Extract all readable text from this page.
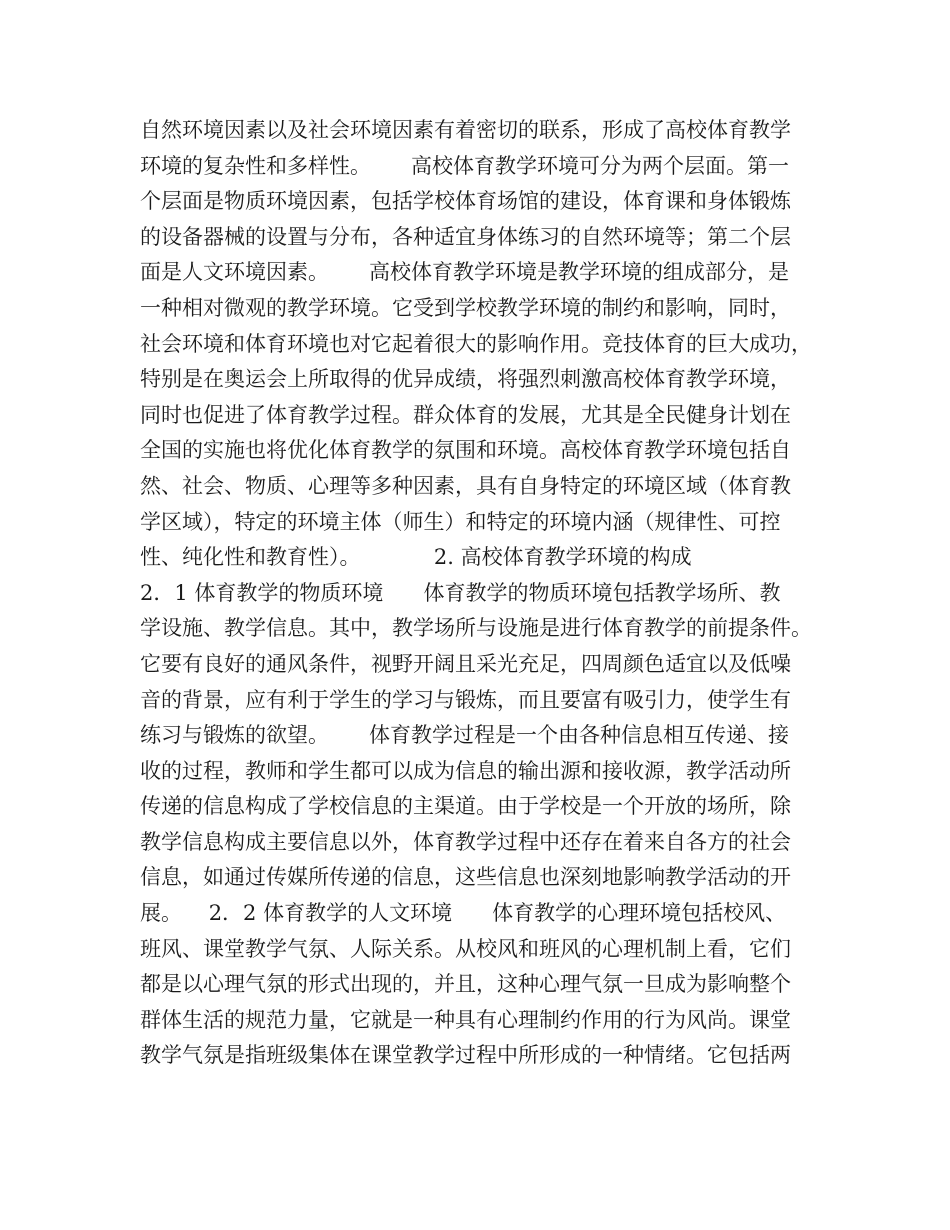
自然环境因素以及社会环境因素有着密切的联系，形成了高校体育教学
环境的复杂性和多样性。      高校体育教学环境可分为两个层面。第一
个层面是物质环境因素，包括学校体育场馆的建设，体育课和身体锻炼
的设备器械的设置与分布，各种适宜身体练习的自然环境等；第二个层
面是人文环境因素。      高校体育教学环境是教学环境的组成部分，是
一种相对微观的教学环境。它受到学校教学环境的制约和影响，同时，
社会环境和体育环境也对它起着很大的影响作用。竞技体育的巨大成功，
特别是在奥运会上所取得的优异成绩，将强烈刺激高校体育教学环境，
同时也促进了体育教学过程。群众体育的发展，尤其是全民健身计划在
全国的实施也将优化体育教学的氛围和环境。高校体育教学环境包括自
然、社会、物质、心理等多种因素，具有自身特定的环境区域（体育教
学区域），特定的环境主体（师生）和特定的环境内涵（规律性、可控
性、纯化性和教育性）。           2. 高校体育教学环境的构成
2．1 体育教学的物质环境      体育教学的物质环境包括教学场所、教
学设施、教学信息。其中，教学场所与设施是进行体育教学的前提条件。
它要有良好的通风条件，视野开阔且采光充足，四周颜色适宜以及低噪
音的背景，应有利于学生的学习与锻炼，而且要富有吸引力，使学生有
练习与锻炼的欲望。      体育教学过程是一个由各种信息相互传递、接
收的过程，教师和学生都可以成为信息的输出源和接收源，教学活动所
传递的信息构成了学校信息的主渠道。由于学校是一个开放的场所，除
教学信息构成主要信息以外，体育教学过程中还存在着来自各方的社会
信息，如通过传媒所传递的信息，这些信息也深刻地影响教学活动的开
展。    2．2 体育教学的人文环境      体育教学的心理环境包括校风、
班风、课堂教学气氛、人际关系。从校风和班风的心理机制上看，它们
都是以心理气氛的形式出现的，并且，这种心理气氛一旦成为影响整个
群体生活的规范力量，它就是一种具有心理制约作用的行为风尚。课堂
教学气氛是指班级集体在课堂教学过程中所形成的一种情绪。它包括两
